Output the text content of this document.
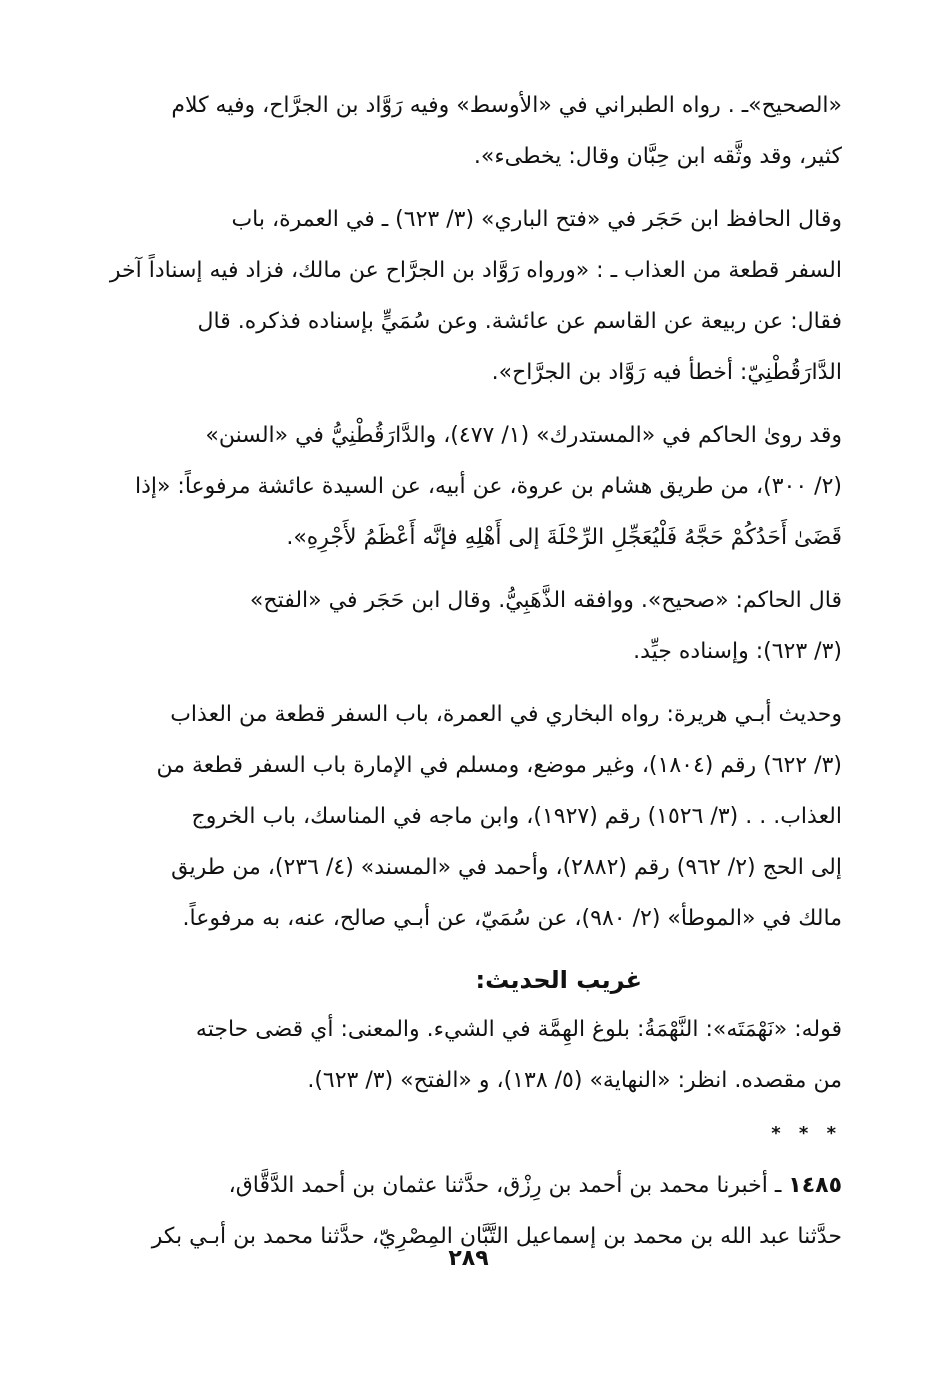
«الصحيح»ـ . رواه الطبراني في «الأوسط» وفيه رَوَّاد بن الجرَّاح، وفيه كلام
كثير، وقد وثَّقه ابن حِبَّان وقال: يخطىء».
وقال الحافظ ابن حَجَر في «فتح الباري» (٣/ ٦٢٣) ـ في العمرة، باب
السفر قطعة من العذاب ـ : «ورواه رَوَّاد بن الجرَّاح عن مالك، فزاد فيه إسناداً آخر
فقال: عن ربيعة عن القاسم عن عائشة. وعن سُمَيٍّ بإسناده فذكره. قال
الدَّارَقُطْنِيّ: أخطأ فيه رَوَّاد بن الجرَّاح».
وقد روىٰ الحاكم في «المستدرك» (١/ ٤٧٧)، والدَّارَقُطْنِيُّ في «السنن»
(٢/ ٣٠٠)، من طريق هشام بن عروة، عن أبيه، عن السيدة عائشة مرفوعاً: «إذا
قَضَىٰ أَحَدُكُمْ حَجَّهُ فَلْيُعَجِّلِ الرِّحْلَةَ إلى أَهْلِهِ فإنَّه أَعْظَمُ لأَجْرِهِ».
قال الحاكم: «صحيح». ووافقه الذَّهَبِيُّ. وقال ابن حَجَر في «الفتح»
(٣/ ٦٢٣): وإسناده جيِّد.
وحديث أبـي هريرة: رواه البخاري في العمرة، باب السفر قطعة من العذاب
(٣/ ٦٢٢) رقم (١٨٠٤)، وغير موضع، ومسلم في الإمارة باب السفر قطعة من
العذاب. . . (٣/ ١٥٢٦) رقم (١٩٢٧)، وابن ماجه في المناسك، باب الخروج
إلى الحج (٢/ ٩٦٢) رقم (٢٨٨٢)، وأحمد في «المسند» (٤/ ٢٣٦)، من طريق
مالك في «الموطأ» (٢/ ٩٨٠)، عن سُمَيّ، عن أبـي صالح، عنه، به مرفوعاً.
غريب الحديث:
قوله: «نَهْمَتَه»: النَّهْمَةُ: بلوغ الهِمَّة في الشيء. والمعنى: أي قضى حاجته
من مقصده. انظر: «النهاية» (٥/ ١٣٨)، و «الفتح» (٣/ ٦٢٣).
* * *
١٤٨٥ ـ أخبرنا محمد بن أحمد بن رِزْق، حدَّثنا عثمان بن أحمد الدَّقَّاق،
حدَّثنا عبد الله بن محمد بن إسماعيل التَّبَّان المِصْرِيّ، حدَّثنا محمد بن أبـي بكر
٢٨٩
